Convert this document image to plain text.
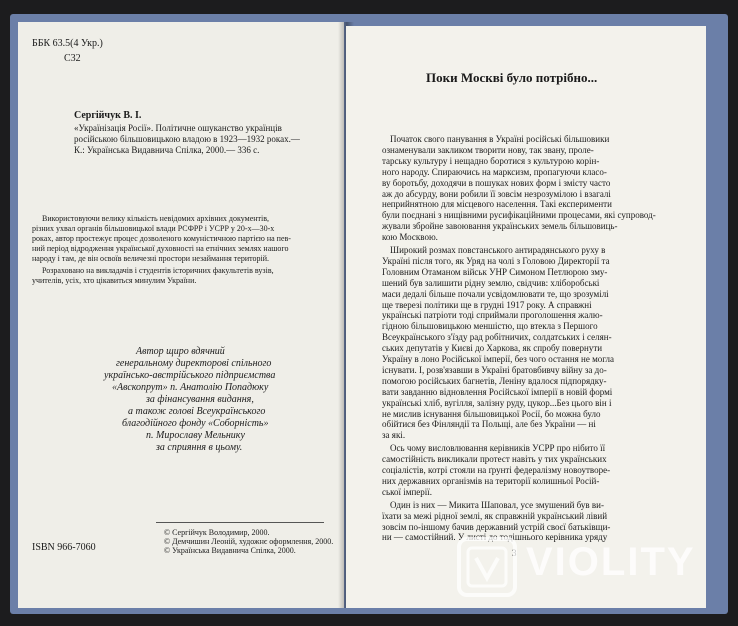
ББК 63.5(4 Укр.)
С32
Сергійчук В. І.
«Українізація Росії». Політичне ошуканство українців
російською більшовицькою владою в 1923—1932 роках.—
К.: Українська Видавнича Спілка, 2000.— 336 с.
Використовуючи велику кількість невідомих архівних документів,
різних ухвал органів більшовицької влади РСФРР і УСРР у 20-х—30-х
роках, автор простежує процес дозволеного комуністичною партією на пев-
ний період відродження української духовності на етнічних землях нашого
народу і там, де він освоїв величезні простори незаймання територій.
Розраховано на викладачів і студентів історичних факультетів вузів,
учителів, усіх, хто цікавиться минулим України.
Автор щиро вдячний
генеральному директорові спільного
українсько-австрійського підприємства
«Авскопрут» п. Анатолію Попадюку
за фінансування видання,
а також голові Всеукраїнського
благодійного фонду «Соборність»
п. Мирославу Мельнику
за сприяння в цьому.
© Сергійчук Володимир, 2000.
© Демчишин Леоній, художнє оформлення, 2000.
© Українська Видавнича Спілка, 2000.
ISBN 966-7060
Поки Москві було потрібно...
Початок свого панування в Україні російські більшовики
ознаменували закликом творити нову, так звану, проле-
тарську культуру і нещадно боротися з культурою корін-
ного народу. Спираючись на марксизм, пропагуючи класо-
ву боротьбу, доходячи в пошуках нових форм і змісту часто
аж до абсурду, вони робили її зовсім незрозумілою і взагалі
неприйнятною для місцевого населення. Такі експерименти
були поєднані з нищівними русифікаційними процесами, які супровод-
жували збройне завоювання українських земель більшовиць-
кою Москвою.
Широкий розмах повстанського антирадянського руху в
Україні після того, як Уряд на чолі з Головою Директорії та
Головним Отаманом військ УНР Симоном Петлюрою зму-
шений був залишити рідну землю, свідчив: хліборобські
маси дедалі більше почали усвідомлювати те, що зрозумілі
ще тверезі політики ще в грудні 1917 року. А справжні
українські патріоти тоді сприймали проголошення жалю-
гідною більшовицькою меншістю, що втекла з Першого
Всеукраїнського з'їзду рад робітничих, солдатських і селян-
ських депутатів у Києві до Харкова, як спробу повернути
Україну в лоно Російської імперії, без чого остання не могла
існувати. І, розв'язавши в Україні братовбивчу війну за до-
помогою російських багнетів, Леніну вдалося підпорядку-
вати завданню відновлення Російської імперії в новій формі
українські хліб, вугілля, залізну руду, цукор...Без цього він і
не мислив існування більшовицької Росії, бо можна було
обійтися без Фінляндії та Польщі, але без України — ні
за які.
Ось чому висловлювання керівників УСРР про нібито її
самостійність викликали протест навіть у тих українських
соціалістів, котрі стояли на ґрунті федералізму новоутворе-
них державних організмів на території колишньої Росій-
ської імперії.
Один із них — Микита Шаповал, усе змушений був ви-
їхати за межі рідної землі, як справжній український лівий
зовсім по-іншому бачив державний устрій своєї батьківщи-
ни — самостійний. У листі до тодішнього керівника уряду
3 VIOLITY
